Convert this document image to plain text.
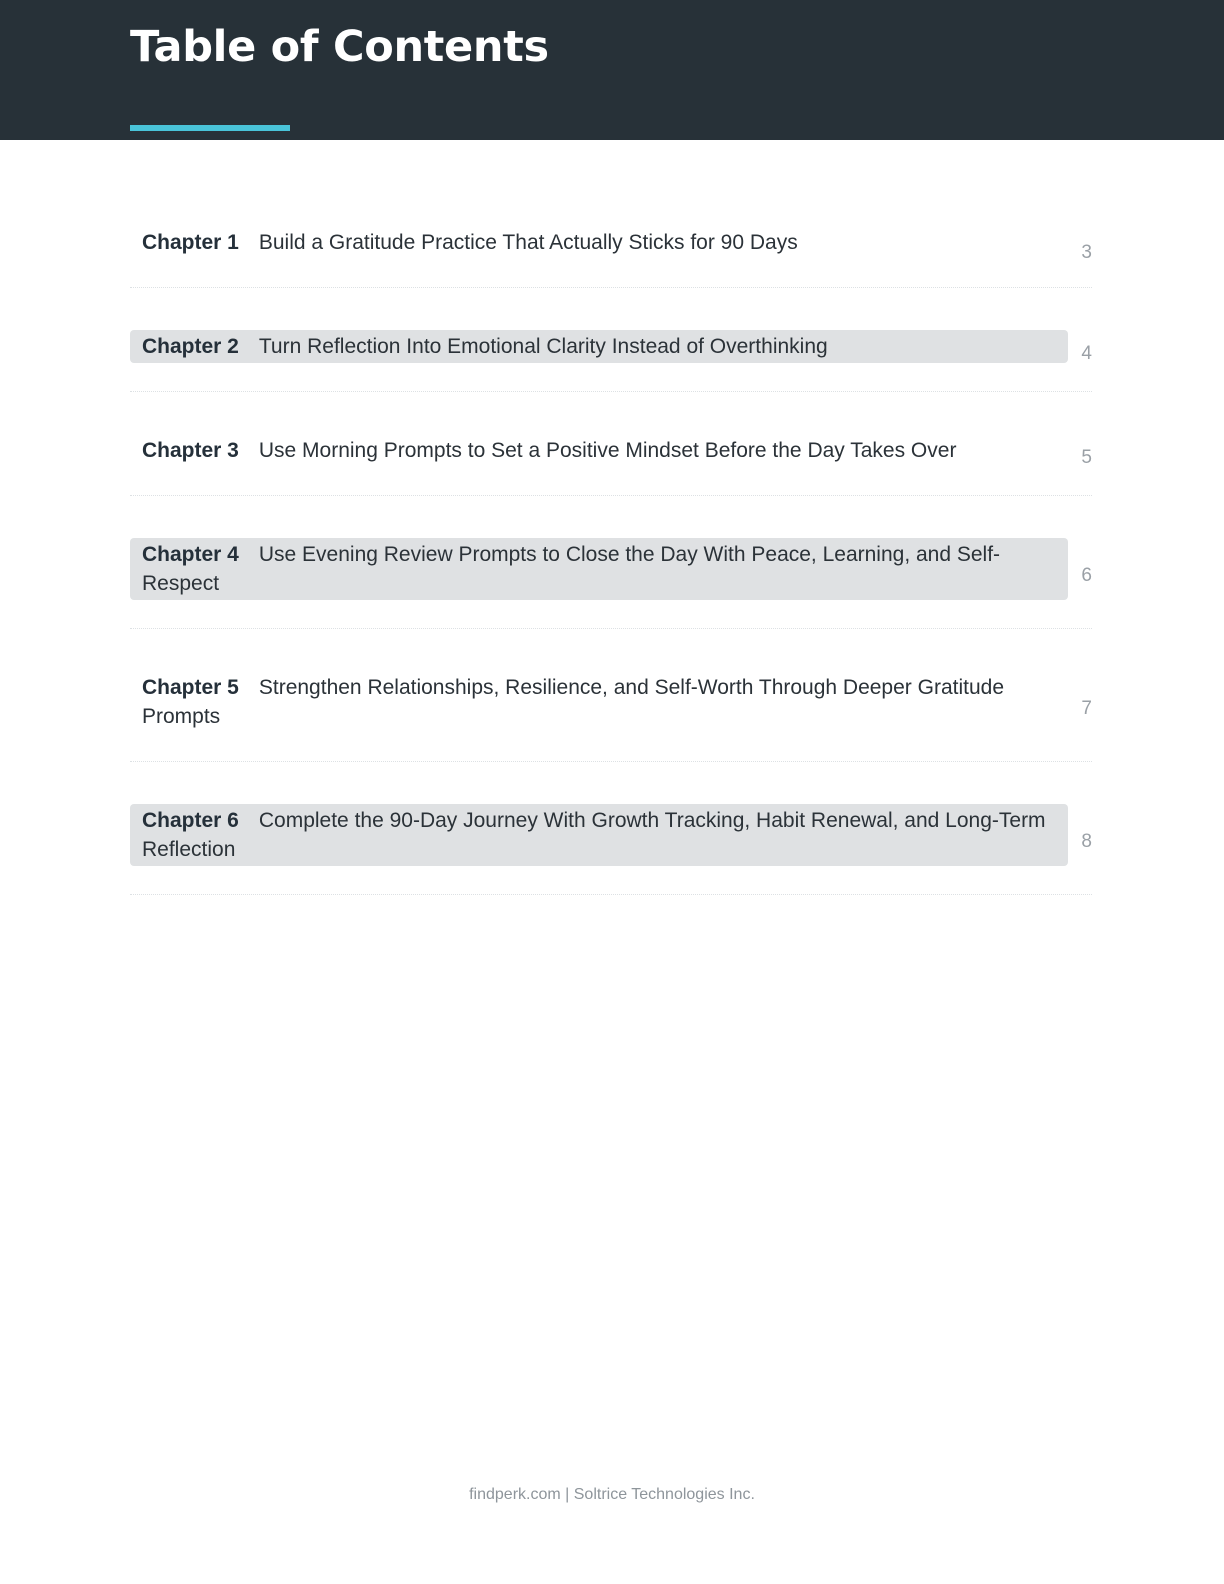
Table of Contents
Chapter 1 Build a Gratitude Practice That Actually Sticks for 90 Days	3
Chapter 2 Turn Reflection Into Emotional Clarity Instead of Overthinking	4
Chapter 3 Use Morning Prompts to Set a Positive Mindset Before the Day Takes Over	5
Chapter 4 Use Evening Review Prompts to Close the Day With Peace, Learning, and Self-Respect	6
Chapter 5 Strengthen Relationships, Resilience, and Self-Worth Through Deeper Gratitude Prompts	7
Chapter 6 Complete the 90-Day Journey With Growth Tracking, Habit Renewal, and Long-Term Reflection	8
findperk.com | Soltrice Technologies Inc.
